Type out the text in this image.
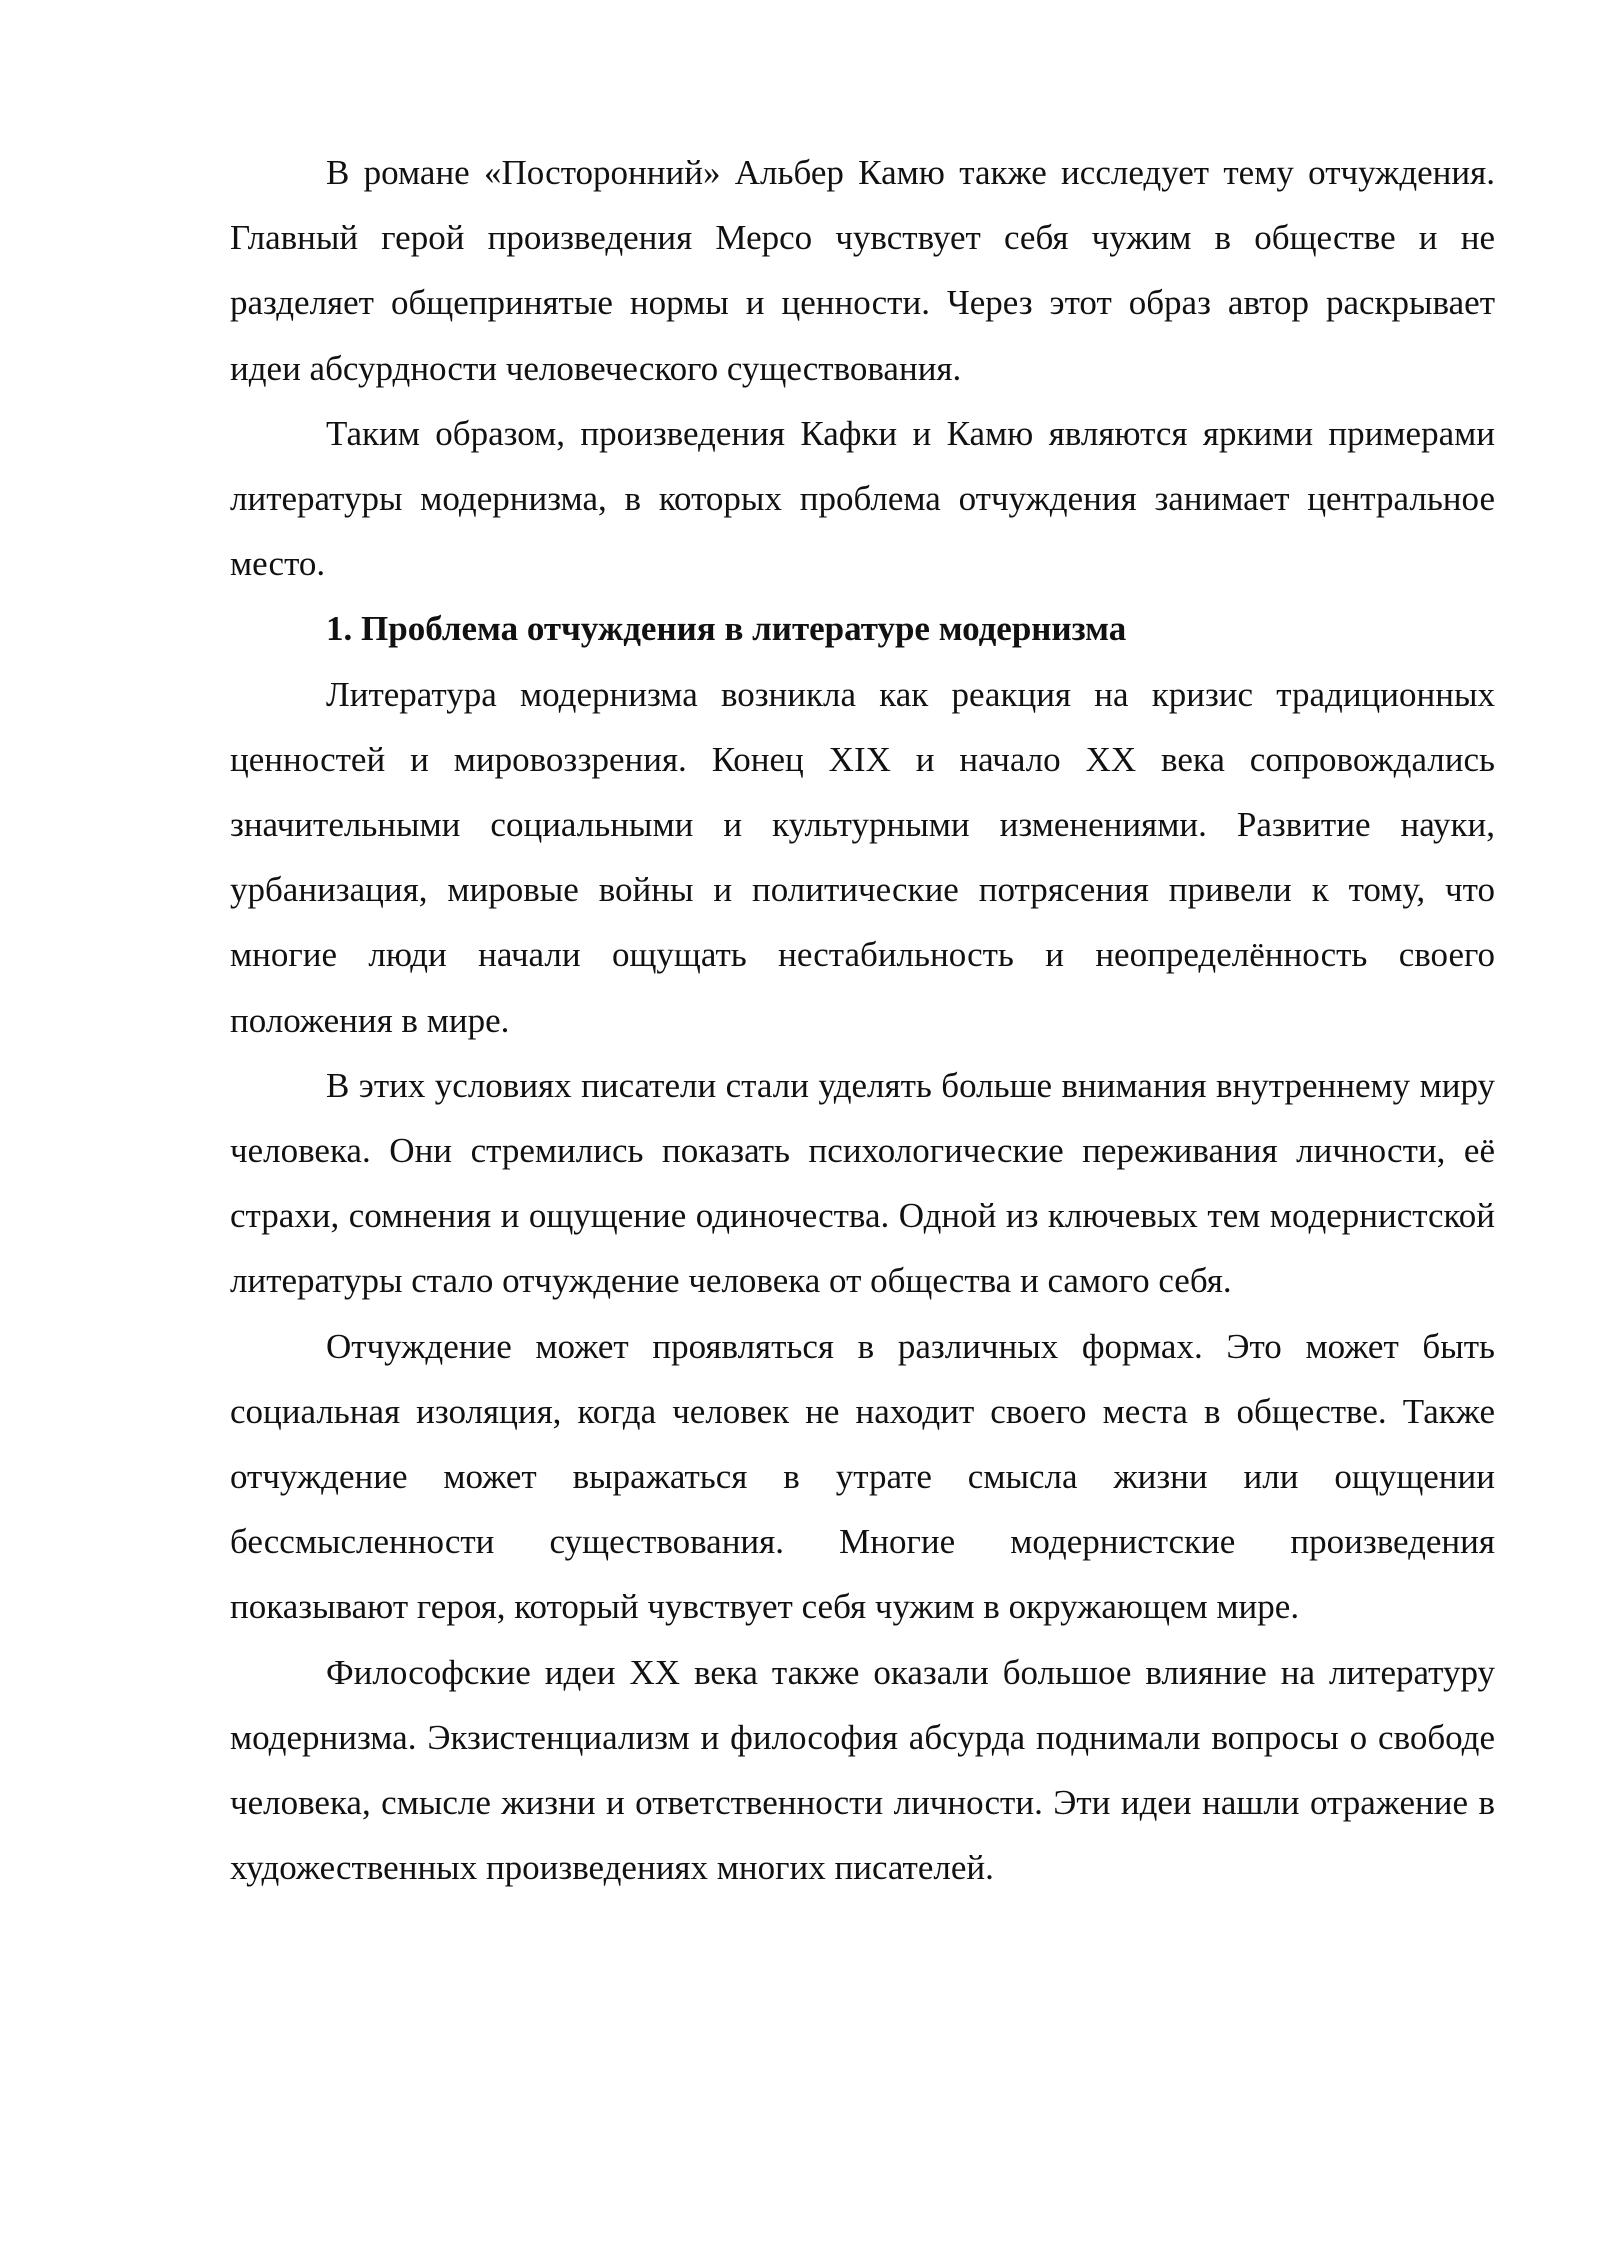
В романе «Посторонний» Альбер Камю также исследует тему отчуждения. Главный герой произведения Мерсо чувствует себя чужим в обществе и не разделяет общепринятые нормы и ценности. Через этот образ автор раскрывает идеи абсурдности человеческого существования.

Таким образом, произведения Кафки и Камю являются яркими примерами литературы модернизма, в которых проблема отчуждения занимает центральное место.

1. Проблема отчуждения в литературе модернизма

Литература модернизма возникла как реакция на кризис традиционных ценностей и мировоззрения. Конец XIX и начало XX века сопровождались значительными социальными и культурными изменениями. Развитие науки, урбанизация, мировые войны и политические потрясения привели к тому, что многие люди начали ощущать нестабильность и неопределённость своего положения в мире.

В этих условиях писатели стали уделять больше внимания внутреннему миру человека. Они стремились показать психологические переживания личности, её страхи, сомнения и ощущение одиночества. Одной из ключевых тем модернистской литературы стало отчуждение человека от общества и самого себя.

Отчуждение может проявляться в различных формах. Это может быть социальная изоляция, когда человек не находит своего места в обществе. Также отчуждение может выражаться в утрате смысла жизни или ощущении бессмысленности существования. Многие модернистские произведения показывают героя, который чувствует себя чужим в окружающем мире.

Философские идеи XX века также оказали большое влияние на литературу модернизма. Экзистенциализм и философия абсурда поднимали вопросы о свободе человека, смысле жизни и ответственности личности. Эти идеи нашли отражение в художественных произведениях многих писателей.
